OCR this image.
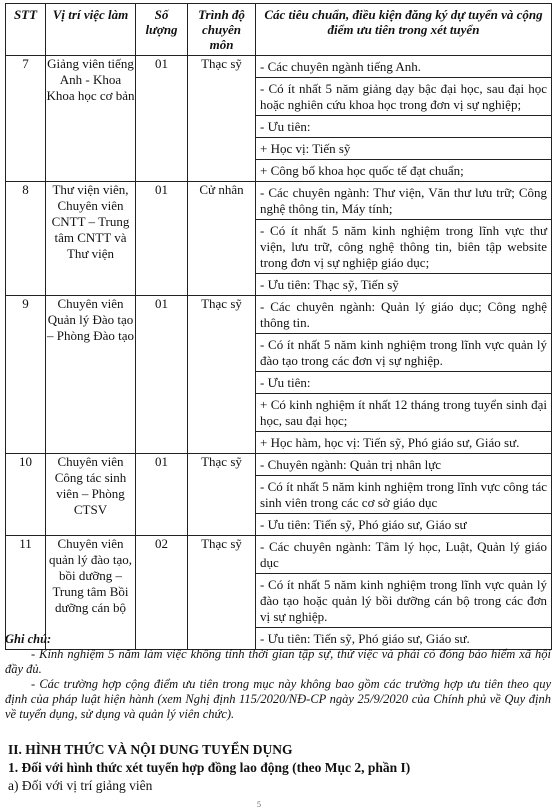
STT	Vị trí việc làm	Số lượng	Trình độ chuyên môn	Các tiêu chuẩn, điều kiện đăng ký dự tuyển và cộng điểm ưu tiên trong xét tuyển
7	Giảng viên tiếng Anh - Khoa Khoa học cơ bản	01	Thạc sỹ	- Các chuyên ngành tiếng Anh.
- Có ít nhất 5 năm giảng dạy bậc đại học, sau đại học hoặc nghiên cứu khoa học trong đơn vị sự nghiệp;
- Ưu tiên:
+ Học vị: Tiến sỹ
+ Công bố khoa học quốc tế đạt chuẩn;

8	Thư viện viên, Chuyên viên CNTT – Trung tâm CNTT và Thư viện	01	Cử nhân	- Các chuyên ngành: Thư viện, Văn thư lưu trữ; Công nghệ thông tin, Máy tính;
- Có ít nhất 5 năm kinh nghiệm trong lĩnh vực thư viện, lưu trữ, công nghệ thông tin, biên tập website trong đơn vị sự nghiệp giáo dục;
- Ưu tiên: Thạc sỹ, Tiến sỹ

9	Chuyên viên Quản lý Đào tạo – Phòng Đào tạo	01	Thạc sỹ	- Các chuyên ngành: Quản lý giáo dục; Công nghệ thông tin.
- Có ít nhất 5 năm kinh nghiệm trong lĩnh vực quản lý đào tạo trong các đơn vị sự nghiệp.
- Ưu tiên:
+ Có kinh nghiệm ít nhất 12 tháng trong tuyển sinh đại học, sau đại học;
+ Học hàm, học vị: Tiến sỹ, Phó giáo sư, Giáo sư.

10	Chuyên viên Công tác sinh viên – Phòng CTSV	01	Thạc sỹ	- Chuyên ngành: Quản trị nhân lực
- Có ít nhất 5 năm kinh nghiệm trong lĩnh vực công tác sinh viên trong các cơ sở giáo dục
- Ưu tiên: Tiến sỹ, Phó giáo sư, Giáo sư

11	Chuyên viên quản lý đào tạo, bồi dưỡng – Trung tâm Bồi dưỡng cán bộ	02	Thạc sỹ	- Các chuyên ngành: Tâm lý học, Luật, Quản lý giáo dục
- Có ít nhất 5 năm kinh nghiệm trong lĩnh vực quản lý đào tạo hoặc quản lý bồi dưỡng cán bộ trong các đơn vị sự nghiệp.
- Ưu tiên: Tiến sỹ, Phó giáo sư, Giáo sư.
Ghi chú:

- Kinh nghiệm 5 năm làm việc không tính thời gian tập sự, thử việc và phải có đóng bảo hiểm xã hội đầy đủ.

- Các trường hợp cộng điểm ưu tiên trong mục này không bao gồm các trường hợp ưu tiên theo quy định của pháp luật hiện hành (xem Nghị định 115/2020/NĐ-CP ngày 25/9/2020 của Chính phủ về Quy định về tuyển dụng, sử dụng và quản lý viên chức).

II. HÌNH THỨC VÀ NỘI DUNG TUYỂN DỤNG
1. Đối với hình thức xét tuyển hợp đồng lao động (theo Mục 2, phần I)
a) Đối với vị trí giảng viên
5
